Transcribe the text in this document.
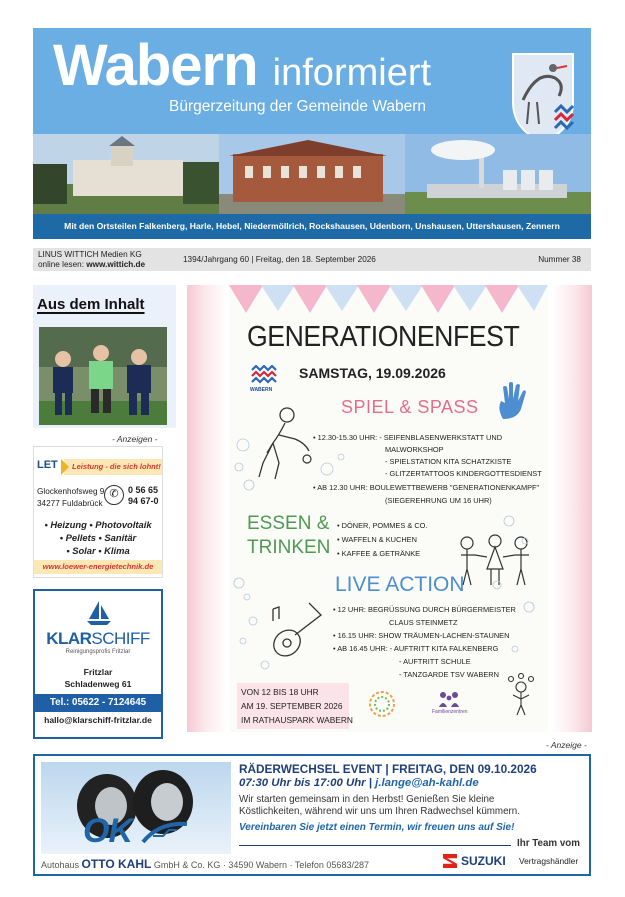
Wabern informiert
Bürgerzeitung der Gemeinde Wabern
Mit den Ortsteilen Falkenberg, Harle, Hebel, Niedermöllrich, Rockshausen, Udenborn, Unshausen, Uttershausen, Zennern
LINUS WITTICH Medien KG
online lesen: www.wittich.de
1394/Jahrgang 60 | Freitag, den 18. September 2026	Nummer 38
Aus dem Inhalt
- Anzeigen -
LET Leistung - die sich lohnt!
Glockenhofsweg 9
34277 Fuldabrück
✆	0 56 65
94 67-0
• Heizung • Photovoltaik
• Pellets • Sanitär
• Solar • Klima
www.loewer-energietechnik.de
KLARSCHIFF
Reinigungsprofis Fritzlar
Fritzlar
Schladenweg 61
Tel.: 05622 - 7124645
hallo@klarschiff-fritzlar.de
GENERATIONENFEST
WABERN
SAMSTAG, 19.09.2026
SPIEL & SPASS
• 12.30-15.30 UHR: - SEIFENBLASENWERKSTATT UND
MALWORKSHOP
- SPIELSTATION KITA SCHATZKISTE
- GLITZERTATTOOS KINDERGOTTESDIENST
• AB 12.30 UHR: BOULEWETTBEWERB "GENERATIONENKAMPF"
(SIEGEREHRUNG UM 16 UHR)
ESSEN &
TRINKEN
• DÖNER, POMMES & CO.
• WAFFELN & KUCHEN
• KAFFEE & GETRÄNKE
LIVE ACTION
• 12 UHR: BEGRÜSSUNG DURCH BÜRGERMEISTER
CLAUS STEINMETZ
• 16.15 UHR: SHOW TRÄUMEN-LACHEN-STAUNEN
• AB 16.45 UHR: - AUFTRITT KITA FALKENBERG
- AUFTRITT SCHULE
- TANZGARDE TSV WABERN
VON 12 BIS 18 UHR
AM 19. SEPTEMBER 2026
IM RATHAUSPARK WABERN
Familienzentren
- Anzeige -
OK
RÄDERWECHSEL EVENT | FREITAG, DEN 09.10.2026
07:30 Uhr bis 17:00 Uhr | j.lange@ah-kahl.de
Wir starten gemeinsam in den Herbst! Genießen Sie kleine
Köstlichkeiten, während wir uns um Ihren Radwechsel kümmern.
Vereinbaren Sie jetzt einen Termin, wir freuen uns auf Sie!
Ihr Team vom
SUZUKI Vertragshändler
Autohaus OTTO KAHL GmbH & Co. KG · 34590 Wabern · Telefon 05683/287
